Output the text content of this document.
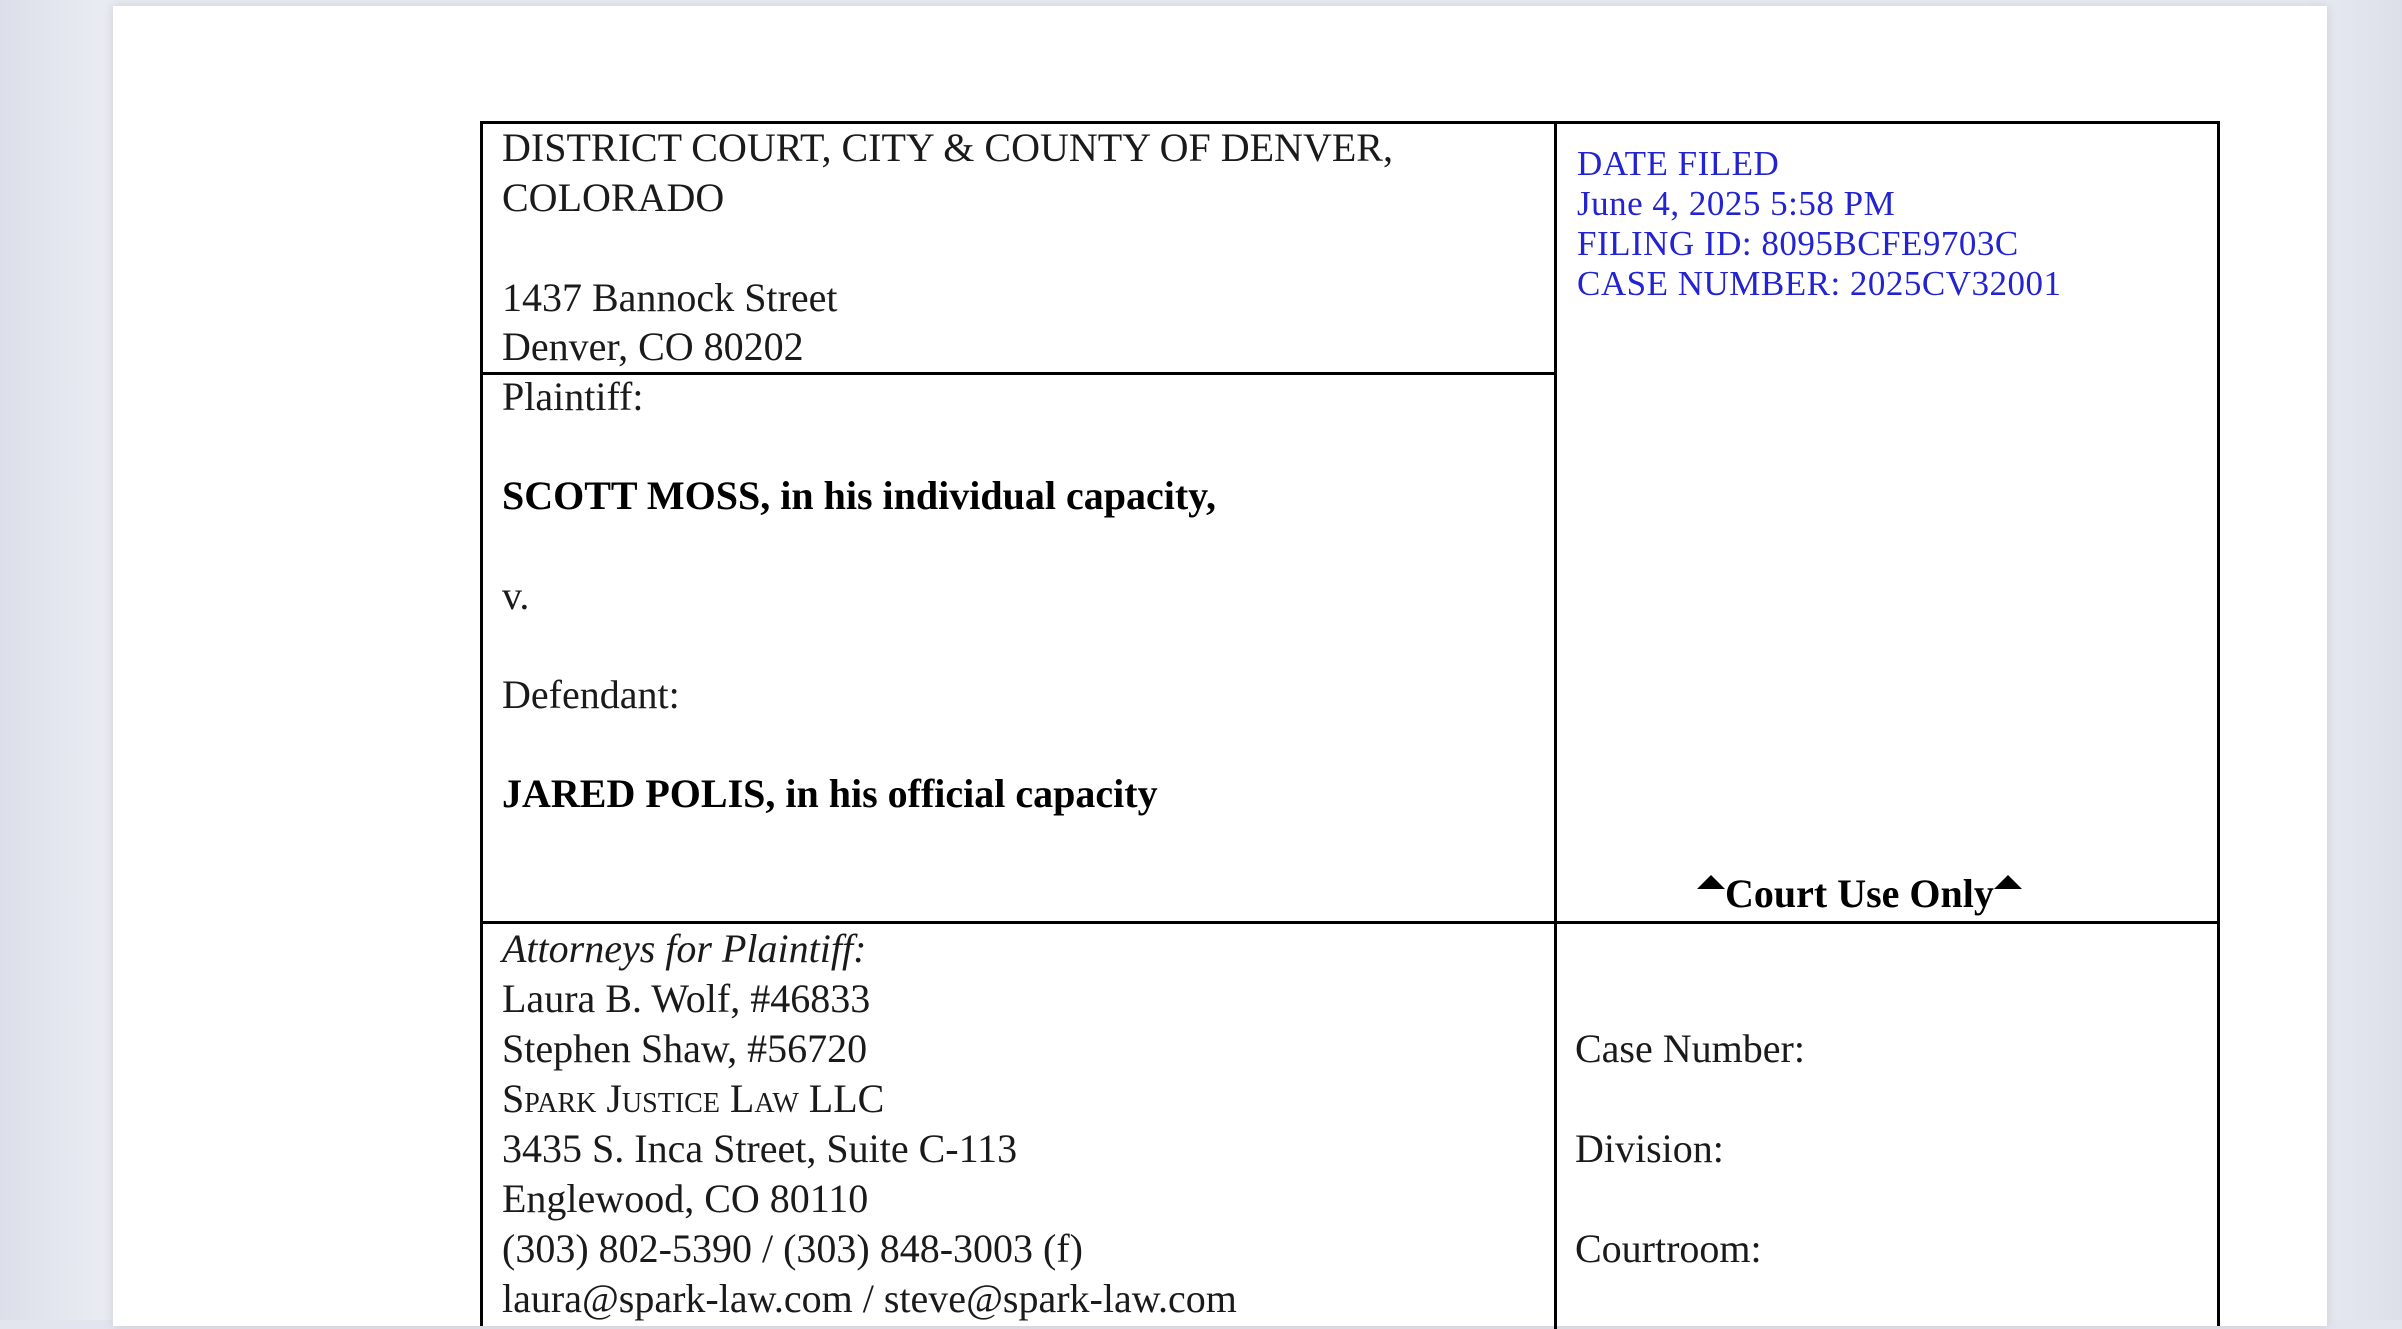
DISTRICT COURT, CITY & COUNTY OF DENVER,
COLORADO
1437 Bannock Street
Denver, CO 80202
Plaintiff:
SCOTT MOSS, in his individual capacity,
v.
Defendant:
JARED POLIS, in his official capacity
DATE FILED
June 4, 2025 5:58 PM
FILING ID: 8095BCFE9703C
CASE NUMBER: 2025CV32001
Court Use Only
Attorneys for Plaintiff:
Laura B. Wolf, #46833
Stephen Shaw, #56720
Spark Justice Law LLC
3435 S. Inca Street, Suite C-113
Englewood, CO 80110
(303) 802-5390 / (303) 848-3003 (f)
laura@spark-law.com / steve@spark-law.com
Case Number:
Division:
Courtroom:
